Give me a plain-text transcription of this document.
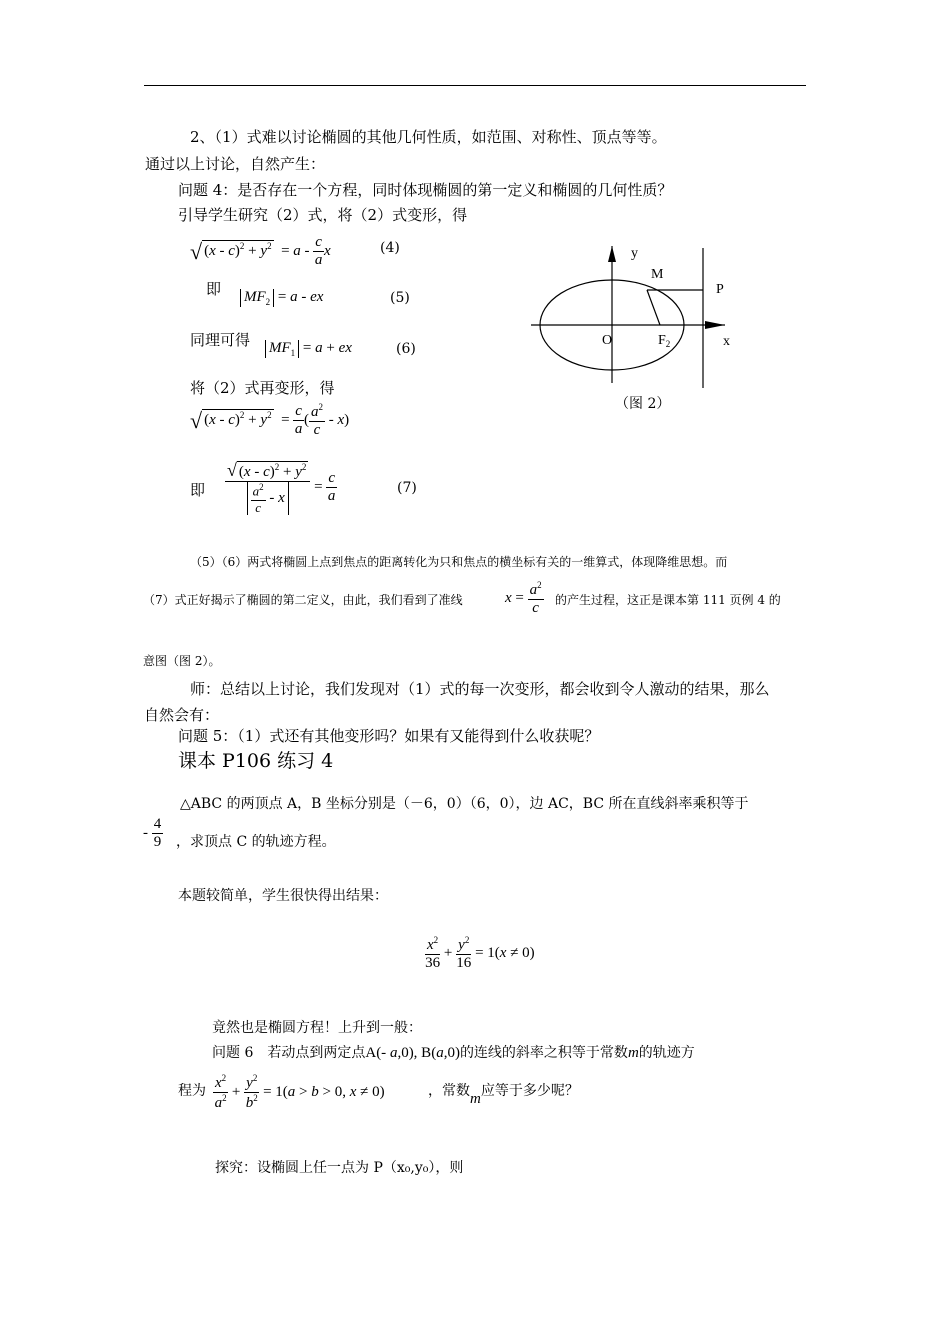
2、（1）式难以讨论椭圆的其他几何性质，如范围、对称性、顶点等等。
通过以上讨论，自然产生：
问题 4：是否存在一个方程，同时体现椭圆的第一定义和椭圆的几何性质？
引导学生研究（2）式，将（2）式变形，得
√ $(x - c)^2 + y^2 = a - \frac{c}{a}$ x	(4)
即 $MF_2 = a$ - ex	(5)
同理可得 $MF_1 = a$ + ex	(6)
将（2）式再变形，得
√ $(x - c)^2 + y^2 = \frac{c}{a}$ ( $\frac{a^2}{c} - x$)
即 $\frac{√ (x - c)^2 + y^2}{\frac{a^2}{c} - x} = \frac{c}{a}$	(7)
y
M
P
O	$F_2$	x
（图 2）
（5）（6）两式将椭圆上点到焦点的距离转化为只和焦点的横坐标有关的一维算式，体现降维思想。而
（7）式正好揭示了椭圆的第二定义，由此，我们看到了准线	$x = \frac{a^2}{c}$ 的产生过程，这正是课本第 111 页例 4 的
意图（图 2）。
师：总结以上讨论，我们发现对（1）式的每一次变形，都会收到令人激动的结果，那么
自然会有：
问题 5：（1）式还有其他变形吗？如果有又能得到什么收获呢？
课本 P106 练习 4
△ABC 的两顶点 A，B 坐标分别是（－6，0）（6，0），边 AC，BC 所在直线斜率乘积等于
- $\frac{4}{9}$ ，求顶点 C 的轨迹方程。
本题较简单，学生很快得出结果：
$\frac{x^2}{36} + \frac{y^2}{16} = 1(x \ne 0)$
竟然也是椭圆方程！上升到一般：
问题 6　若动点到两定点A(- a,0), B(a,0)的连线的斜率之积等于常数m的轨迹方
程为 $\frac{x^2}{a^2} + \frac{y^2}{b^2} = 1(a > b > 0$, x ≠ 0)	，常数m应等于多少呢？
探究：设椭圆上任一点为 P（x₀,y₀），则
